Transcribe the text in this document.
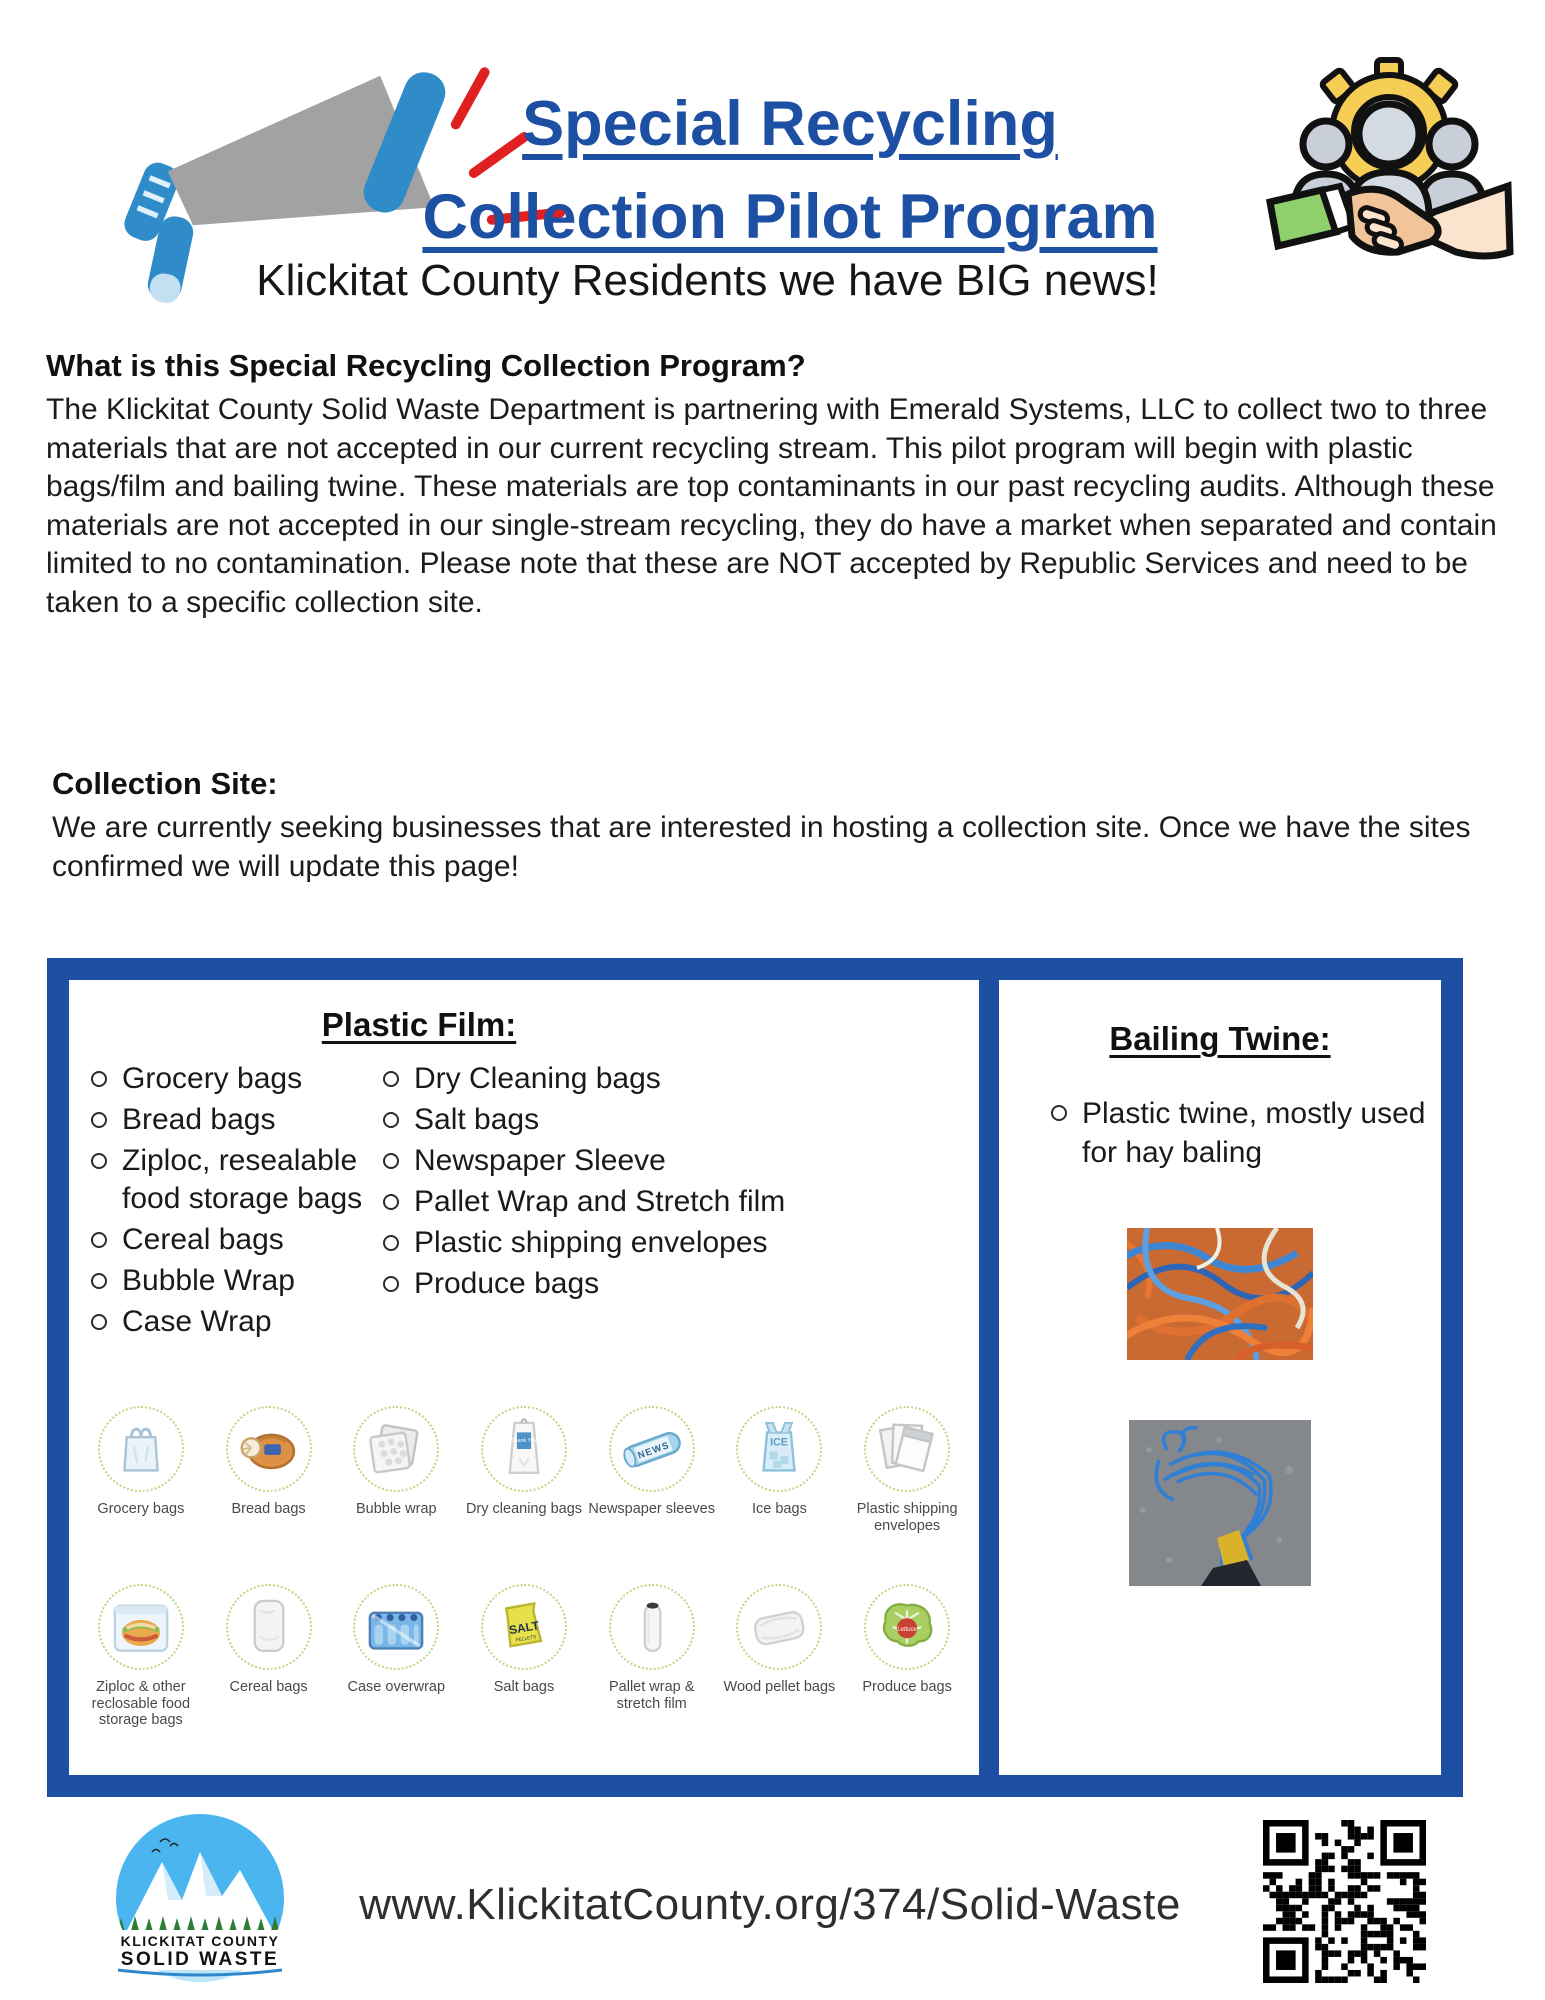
Special Recycling
Collection Pilot Program
Klickitat County Residents we have BIG news!
What is this Special Recycling Collection Program?

The Klickitat County Solid Waste Department is partnering with Emerald Systems, LLC to collect two to three materials that are not accepted in our current recycling stream. This pilot program will begin with plastic bags/film and bailing twine. These materials are top contaminants in our past recycling audits. Although these materials are not accepted in our single-stream recycling, they do have a market when separated and contain limited to no contamination. Please note that these are NOT accepted by Republic Services and need to be taken to a specific collection site.

Collection Site:

We are currently seeking businesses that are interested in hosting a collection site. Once we have the sites confirmed we will update this page!

Plastic Film:
Grocery bags
Bread bags
Ziploc, resealable food storage bags
Cereal bags
Bubble Wrap
Case Wrap
Dry Cleaning bags
Salt bags
Newspaper Sleeve
Pallet Wrap and Stretch film
Plastic shipping envelopes
Produce bags
Grocery bags	Bread bags	Bubble wrap
Thank You
Dry cleaning bags
NEWS
Newspaper sleeves
ICE
Ice bags	Plastic shipping envelopes
Ziploc & other reclosable food storage bags
Cereal bags	Case overwrap
SALT
PELLETS
Salt bags	Pallet wrap & stretch film
Wood pellet bags
Lettuce
Produce bags
Bailing Twine:
Plastic twine, mostly used for hay baling
KLICKITAT COUNTY
SOLID WASTE
www.KlickitatCounty.org/374/Solid-Waste
